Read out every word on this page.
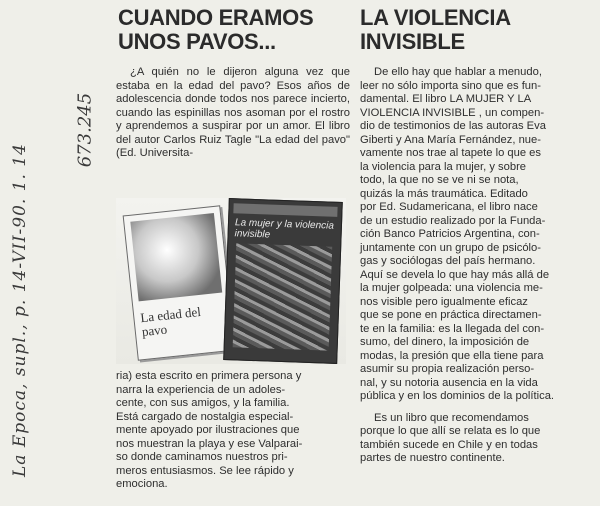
CUANDO ERAMOS
UNOS PAVOS...
LA VIOLENCIA
INVISIBLE

¿A quién no le dijeron alguna vez que estaba en la edad del pavo? Esos años de adolescencia donde todos nos parece incierto, cuando las espinillas nos asoman por el rostro y aprendemos a suspirar por un amor. El libro del autor Carlos Ruiz Tagle "La edad del pavo" (Ed. Universita-

La edad del pavo
La mujer y la violencia invisible
ria) esta escrito en primera persona y
narra la experiencia de un adoles-
cente, con sus amigos, y la familia.
Está cargado de nostalgia especial-
mente apoyado por ilustraciones que
nos muestran la playa y ese Valparai-
so donde caminamos nuestros pri-
meros entusiasmos. Se lee rápido y
emociona.
De ello hay que hablar a menudo,
leer no sólo importa sino que es fun-
damental. El libro LA MUJER Y LA
VIOLENCIA INVISIBLE , un compen-
dio de testimonios de las autoras Eva
Giberti y Ana María Fernández, nue-
vamente nos trae al tapete lo que es
la violencia para la mujer, y sobre
todo, la que no se ve ni se nota,
quizás la más traumática. Editado
por Ed. Sudamericana, el libro nace
de un estudio realizado por la Funda-
ción Banco Patricios Argentina, con-
juntamente con un grupo de psicólo-
gas y sociólogas del país hermano.
Aquí se devela lo que hay más allá de
la mujer golpeada: una violencia me-
nos visible pero igualmente eficaz
que se pone en práctica directamen-
te en la familia: es la llegada del con-
sumo, del dinero, la imposición de
modas, la presión que ella tiene para
asumir su propia realización perso-
nal, y su notoria ausencia en la vida
pública y en los dominios de la política.
Es un libro que recomendamos
porque lo que allí se relata es lo que
también sucede en Chile y en todas
partes de nuestro continente.
La Epoca, supl., p. 14-VII-90. 1. 14
673.245
